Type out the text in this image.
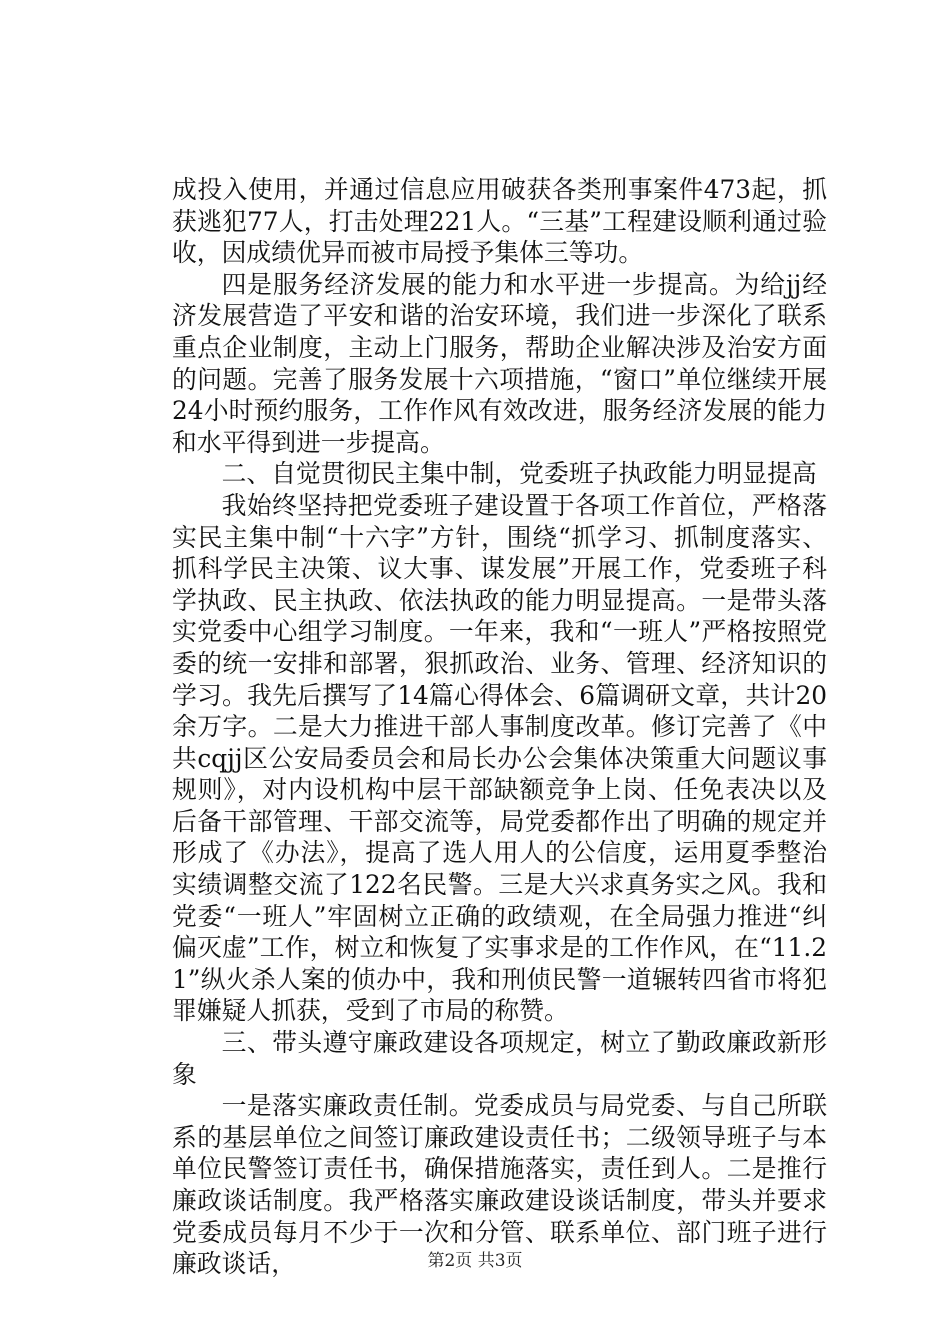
成投入使用，并通过信息应用破获各类刑事案件473起，抓获逃犯77人，打击处理221人。“三基”工程建设顺利通过验收，因成绩优异而被市局授予集体三等功。

四是服务经济发展的能力和水平进一步提高。为给jj经济发展营造了平安和谐的治安环境，我们进一步深化了联系重点企业制度，主动上门服务，帮助企业解决涉及治安方面的问题。完善了服务发展十六项措施，“窗口”单位继续开展24小时预约服务，工作作风有效改进，服务经济发展的能力和水平得到进一步提高。

二、自觉贯彻民主集中制，党委班子执政能力明显提高

我始终坚持把党委班子建设置于各项工作首位，严格落实民主集中制“十六字”方针，围绕“抓学习、抓制度落实、抓科学民主决策、议大事、谋发展”开展工作，党委班子科学执政、民主执政、依法执政的能力明显提高。一是带头落实党委中心组学习制度。一年来，我和“一班人”严格按照党委的统一安排和部署，狠抓政治、业务、管理、经济知识的学习。我先后撰写了14篇心得体会、6篇调研文章，共计20余万字。二是大力推进干部人事制度改革。修订完善了《中共cqjj区公安局委员会和局长办公会集体决策重大问题议事规则》，对内设机构中层干部缺额竞争上岗、任免表决以及后备干部管理、干部交流等，局党委都作出了明确的规定并形成了《办法》，提高了选人用人的公信度，运用夏季整治实绩调整交流了122名民警。三是大兴求真务实之风。我和党委“一班人”牢固树立正确的政绩观，在全局强力推进“纠偏灭虚”工作，树立和恢复了实事求是的工作作风，在“11.21”纵火杀人案的侦办中，我和刑侦民警一道辗转四省市将犯罪嫌疑人抓获，受到了市局的称赞。

三、带头遵守廉政建设各项规定，树立了勤政廉政新形象

一是落实廉政责任制。党委成员与局党委、与自己所联系的基层单位之间签订廉政建设责任书；二级领导班子与本单位民警签订责任书，确保措施落实，责任到人。二是推行廉政谈话制度。我严格落实廉政建设谈话制度，带头并要求党委成员每月不少于一次和分管、联系单位、部门班子进行廉政谈话，	第2页 共3页
